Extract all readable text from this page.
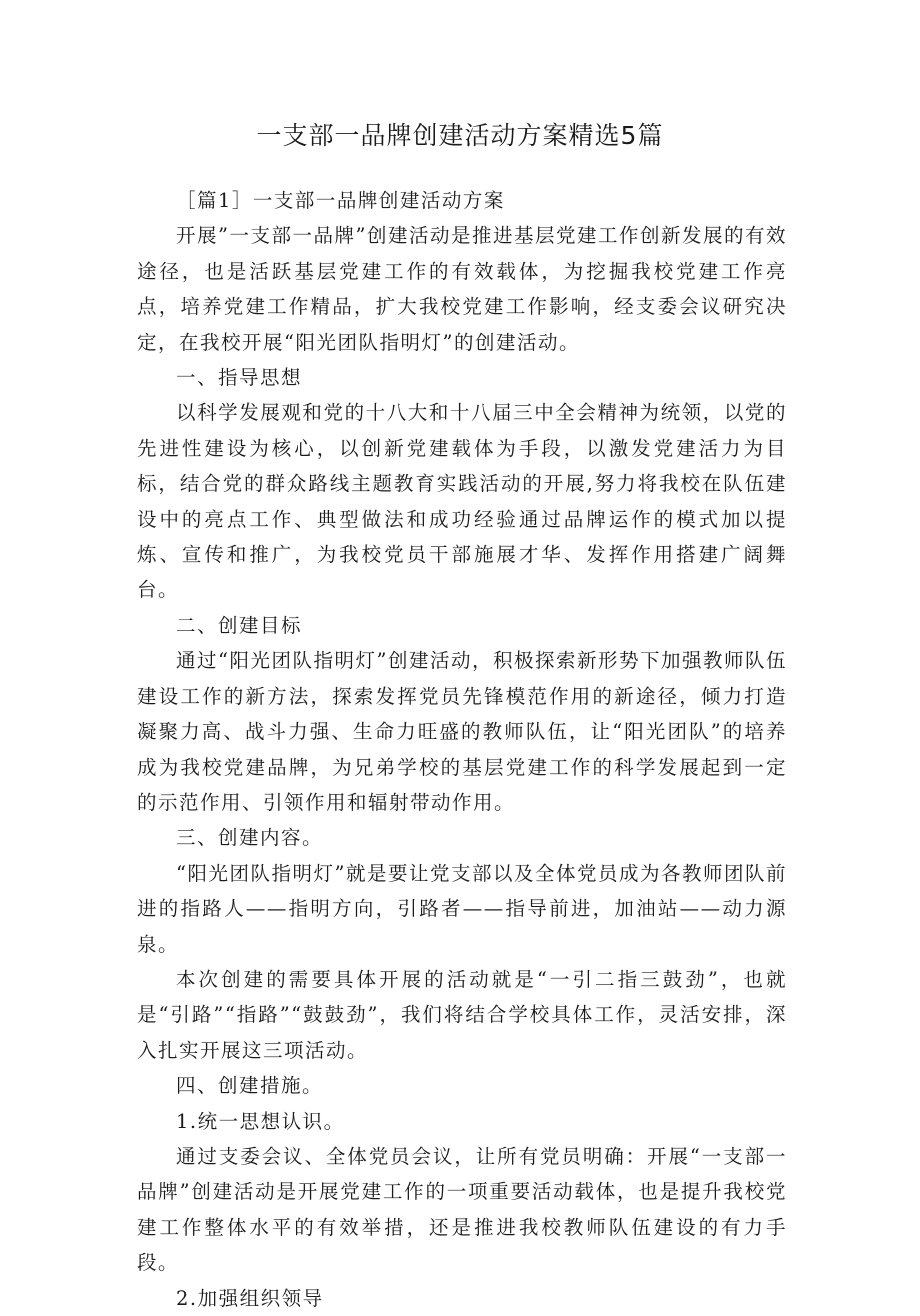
一支部一品牌创建活动方案精选5篇

［篇1］一支部一品牌创建活动方案

开展”一支部一品牌”创建活动是推进基层党建工作创新发展的有效途径，也是活跃基层党建工作的有效载体，为挖掘我校党建工作亮点，培养党建工作精品，扩大我校党建工作影响，经支委会议研究决定，在我校开展“阳光团队指明灯”的创建活动。

一、指导思想

以科学发展观和党的十八大和十八届三中全会精神为统领，以党的先进性建设为核心，以创新党建载体为手段，以激发党建活力为目标，结合党的群众路线主题教育实践活动的开展,努力将我校在队伍建设中的亮点工作、典型做法和成功经验通过品牌运作的模式加以提炼、宣传和推广，为我校党员干部施展才华、发挥作用搭建广阔舞台。

二、创建目标

通过“阳光团队指明灯”创建活动，积极探索新形势下加强教师队伍建设工作的新方法，探索发挥党员先锋模范作用的新途径，倾力打造凝聚力高、战斗力强、生命力旺盛的教师队伍，让“阳光团队”的培养成为我校党建品牌，为兄弟学校的基层党建工作的科学发展起到一定的示范作用、引领作用和辐射带动作用。

三、创建内容。

“阳光团队指明灯”就是要让党支部以及全体党员成为各教师团队前进的指路人——指明方向，引路者——指导前进，加油站——动力源泉。

本次创建的需要具体开展的活动就是“一引二指三鼓劲”，也就是“引路”“指路”“鼓鼓劲”，我们将结合学校具体工作，灵活安排，深入扎实开展这三项活动。

四、创建措施。

1.统一思想认识。

通过支委会议、全体党员会议，让所有党员明确：开展“一支部一品牌”创建活动是开展党建工作的一项重要活动载体，也是提升我校党建工作整体水平的有效举措，还是推进我校教师队伍建设的有力手段。

2.加强组织领导
